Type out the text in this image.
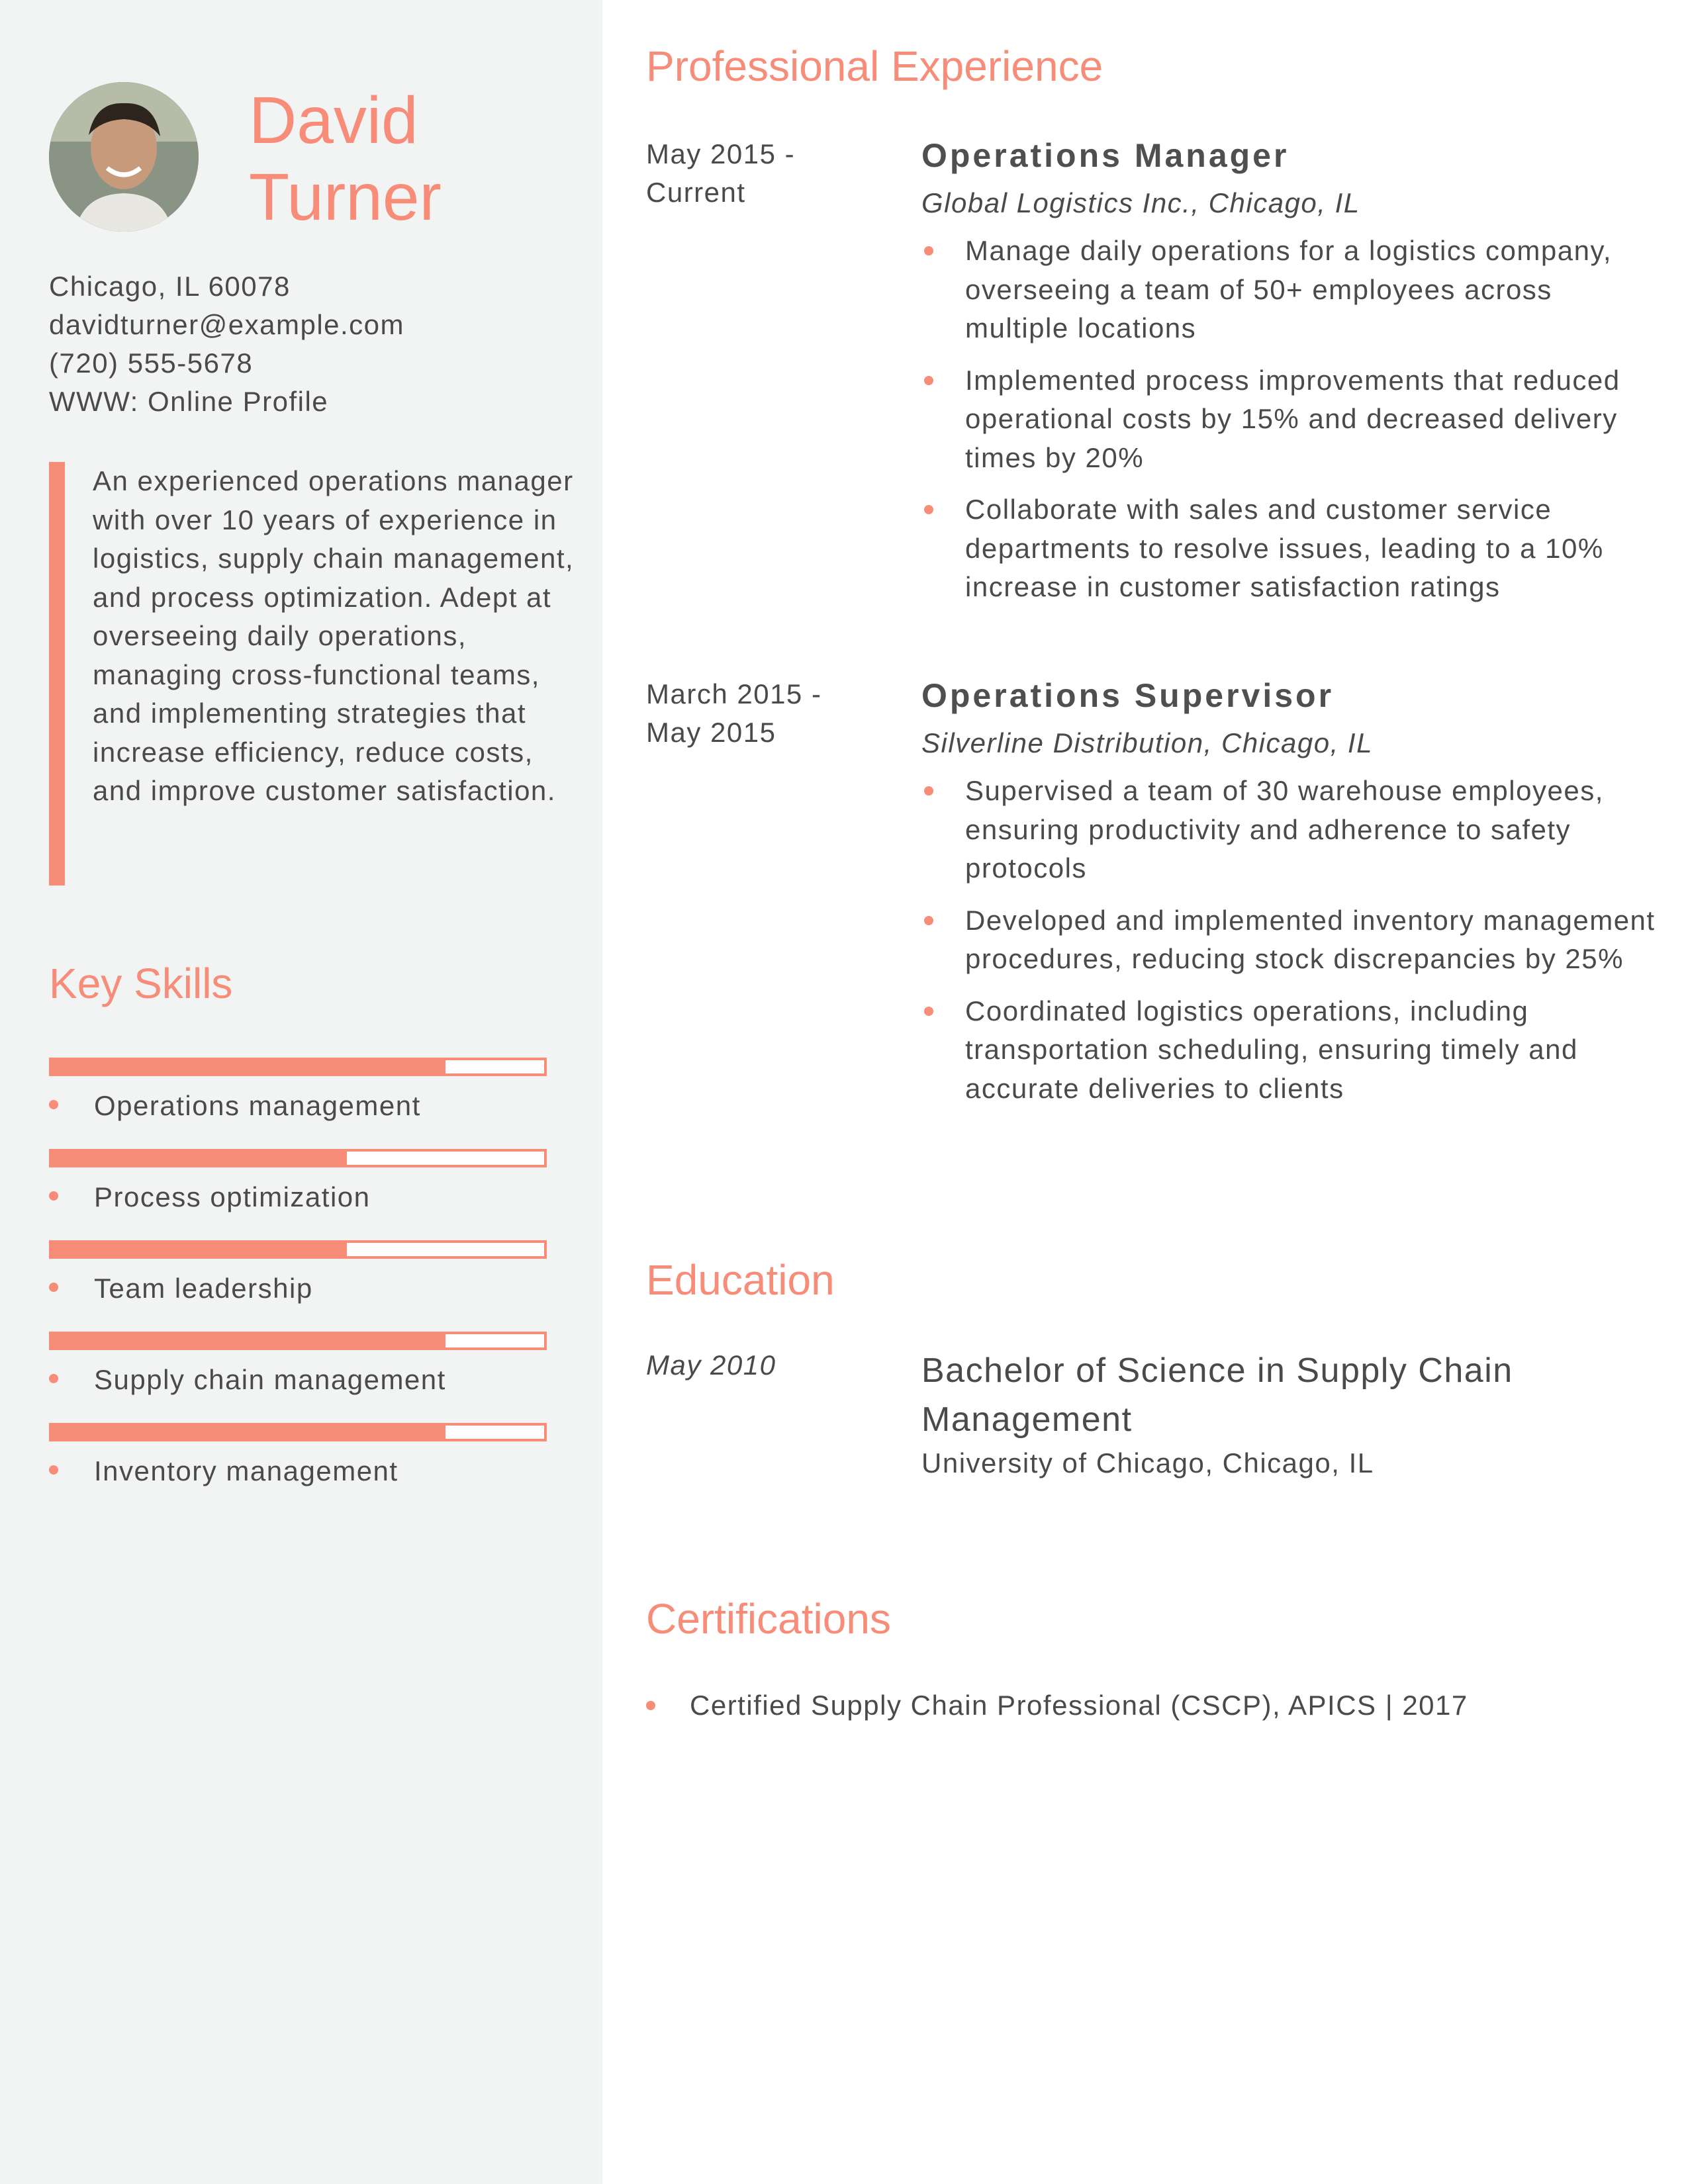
David
Turner
Chicago, IL 60078
davidturner@example.com
(720) 555-5678
WWW: Online Profile

An experienced operations manager with over 10 years of experience in logistics, supply chain management, and process optimization. Adept at overseeing daily operations, managing cross-functional teams, and implementing strategies that increase efficiency, reduce costs, and improve customer satisfaction.

Key Skills
Operations management
Process optimization
Team leadership
Supply chain management
Inventory management
Professional Experience
May 2015 - Current
Operations Manager
Global Logistics Inc., Chicago, IL
Manage daily operations for a logistics company, overseeing a team of 50+ employees across multiple locations
Implemented process improvements that reduced operational costs by 15% and decreased delivery times by 20%
Collaborate with sales and customer service departments to resolve issues, leading to a 10% increase in customer satisfaction ratings
March 2015 - May 2015
Operations Supervisor
Silverline Distribution, Chicago, IL
Supervised a team of 30 warehouse employees, ensuring productivity and adherence to safety protocols
Developed and implemented inventory management procedures, reducing stock discrepancies by 25%
Coordinated logistics operations, including transportation scheduling, ensuring timely and accurate deliveries to clients
Education
May 2010	Bachelor of Science in Supply Chain Management
University of Chicago, Chicago, IL
Certifications
Certified Supply Chain Professional (CSCP), APICS | 2017
